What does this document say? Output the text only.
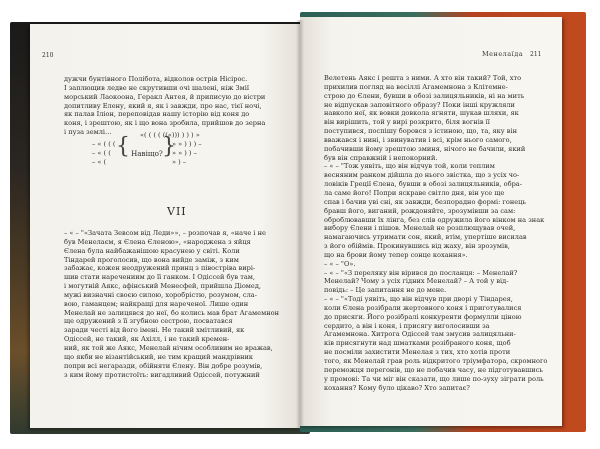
210
дужчи бунтівного Полібота, відколов острів Нісірос.
І заплющив ледве не скрутивши очі шалені, ніж Змії
морський Лаокоона, Геракл Антея, й приписую до вістри
допитливу Елену, який я, як і завжди, про нас, тієї ночі,
як палав Іліон, переповідав нашу історію від коня до
коня, і зрештою, як і що вона зробила, прийшов до зерна
і пуза землі…	«( ( ( ( ((«))) ) ) ) »
– « ( ( (
– « ( (
– « (
{ Навіщо? }
» » ) ) ) –
» » ) ) –
» ) –
VII
– « – "«Зачата Зевсом від Леди»», – розпочав я, «наче і не
був Менелаєм, я Єлена Єленою», «народжена з яйця
Єлена була найбажанішою красунею у світі. Коли
Тіндарей проголосив, що вона вийде заміж, з ким
забажає, кожен неодружений принц з півостріва вирі-
шив стати наречениим до її ганком. І Одіссей був там,
і могутній Аякс, афінський Менесфей, прийшла Діомед,
мужі визначні своєю силою, хоробрістю, розумом, сла-
вою, гаманцем; найкращі для нареченої. Лише один
Менелай не залицявся до неї, бо колись мав брат Агамемнон
ще одружений з її згубною сестрою, посватався
заради честі від його імені. Не такий хмітливий, як
Одіссей, не такий, як Ахілл, і не такий кремен-
ний, як той же Аякс, Менелай нічим особливим не вражав,
що якби не візантійський, не тим кращий мандрівник
попри всі негаразди, обійняти Єлену. Він добре розумів,
з ким йому протистоїть: вигадливий Одіссей, потужний
Менелаїда 211
Велетень Аякс і решта з ними. А хто він такий? Той, хто
прихилив погляд на весіллі Агамемнона з Клітемне-
строю до Єлени, бувши в обозі залицяльників, ні на мить
не відпускав заповітного образу? Поки інші кружляли
навколо неї, як вовки довкола ягняти, шукав шляхи, як
він вирішить, той у вирі розкрито, біля вогнів її
поступився, поспішу боровся з істиною, що, та, яку він
вважався і нині, і звинуватив і всі, крім нього самого,
побачивши йому зрештою зминя, нічого не бачили, який
був він справжній і непокорний.
– « – "Тож уявіть, що він відчув той, коли теплим
весняним ранком дійшла до нього звістка, що з усіх чо-
ловіків Греції Єлена, бувши в обозі залицяльників, обра-
ла саме його! Попри яскраве світло дня, він усе ще
спав і бачив уві сні, як завжди, безпорадно формі: гонець
бравш його, виганий, рождоняйте, зрозумівши за сам:
оброблювавши їх лінга, без слів одружила його вінком на знак
вибору Єлени і пішов. Менелай не розплющував очей,
намагаючись утримати сон, який, втім, упертіше висилав
з його обіймів. Прокинувшись від жаху, він зрозумів,
що на брови йому тепер сонце кохання».
– « – "О».
– « – "«З переляку він вірився до посланця: – Менелай?
Менелай? Чому з усіх гідних Менелай? – А той у від-
повідь: – Це запитання не до мене.
– « – "«Тоді уявіть, що він відчув при дворі у Тіндарея,
коли Єлена розібрали жертовного коня і приготувалися
до присяги. Його розібралі конкуренти формулли ціною
сердито, а він і коня, і присягу виголосивши за
Агамемнона. Хитрога Одіссей там змусив залицяльни-
ків присягнути над шматками розібраного коня, щоб
не посміли захистити Менелая з тих, хто хотів проти
того, як Менелай грав роль відкритого тріумфатора, скромного
переможця перегонів, що не побачив часу, не підготувавшись
у промові: Та чи міг він сказати, що лише по-зуху зіграти роль
кохання? Кому було цікаво? Хто запитає?
